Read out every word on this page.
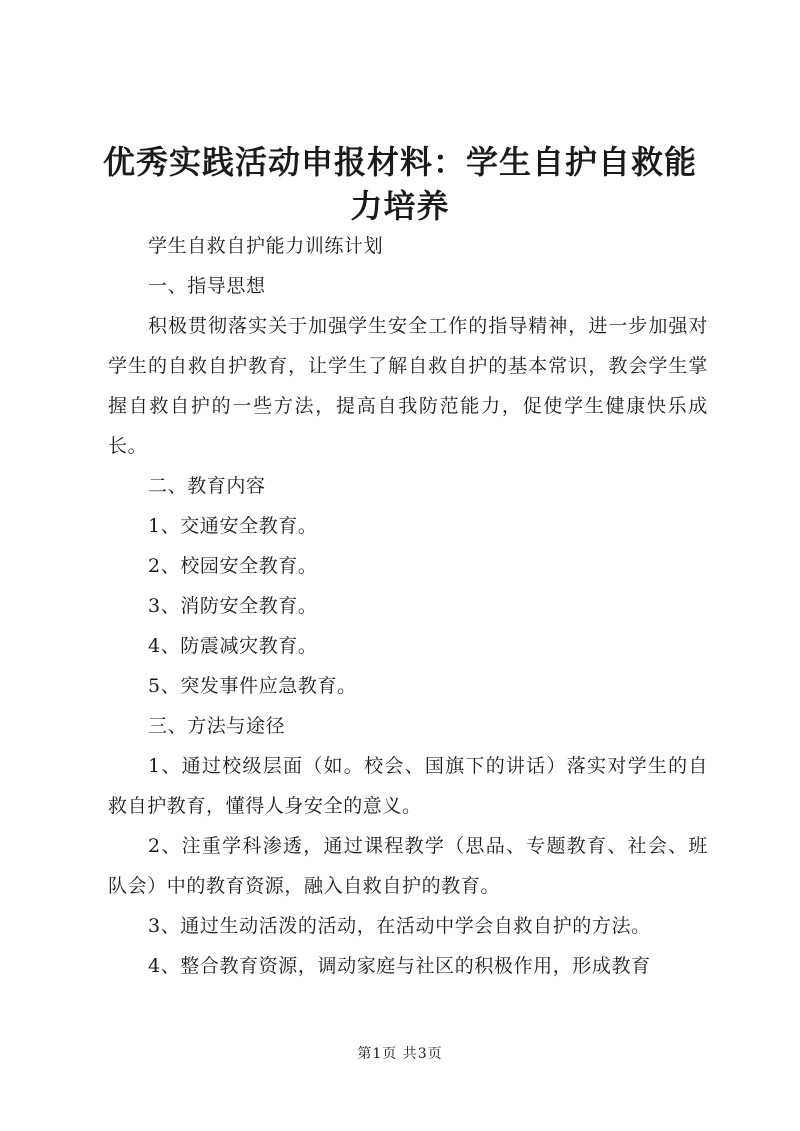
优秀实践活动申报材料：学生自护自救能力培养

学生自救自护能力训练计划

一、指导思想

积极贯彻落实关于加强学生安全工作的指导精神，进一步加强对学生的自救自护教育，让学生了解自救自护的基本常识，教会学生掌握自救自护的一些方法，提高自我防范能力，促使学生健康快乐成长。

二、教育内容

1、交通安全教育。

2、校园安全教育。

3、消防安全教育。

4、防震减灾教育。

5、突发事件应急教育。

三、方法与途径

1、通过校级层面（如。校会、国旗下的讲话）落实对学生的自救自护教育，懂得人身安全的意义。

2、注重学科渗透，通过课程教学（思品、专题教育、社会、班队会）中的教育资源，融入自救自护的教育。

3、通过生动活泼的活动，在活动中学会自救自护的方法。

4、整合教育资源，调动家庭与社区的积极作用，形成教育

第1页 共3页
